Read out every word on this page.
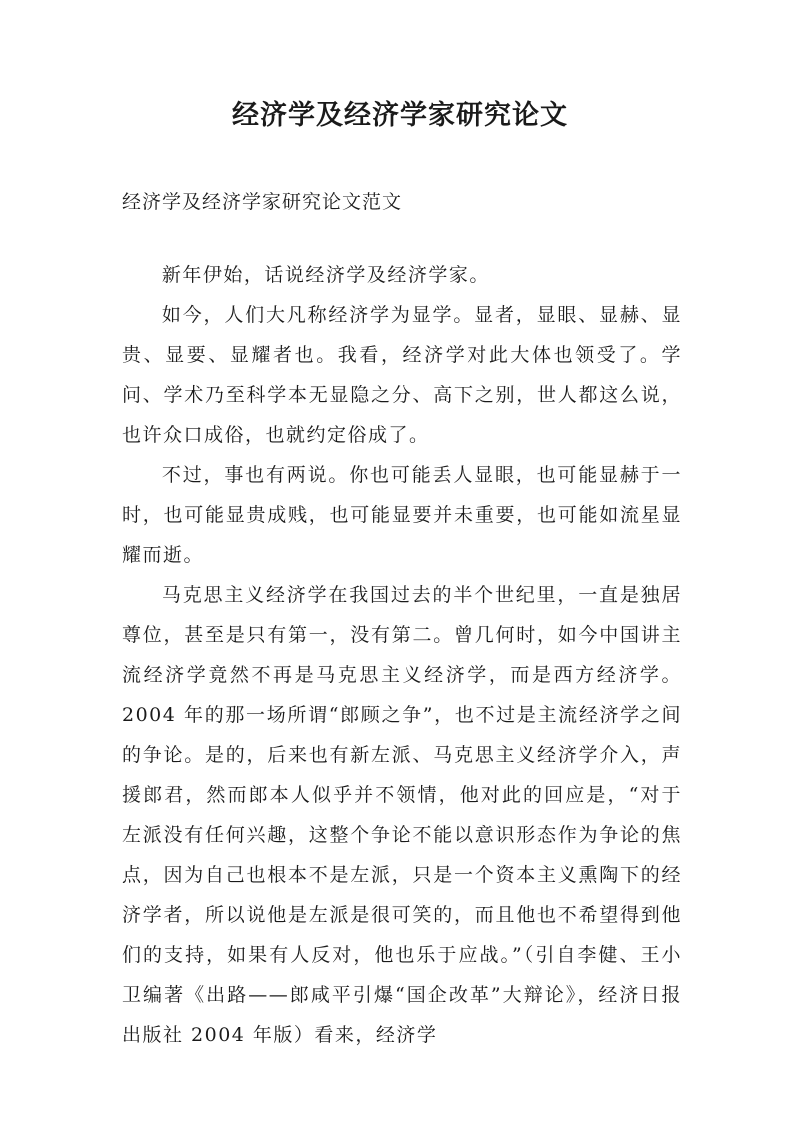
经济学及经济学家研究论文
经济学及经济学家研究论文范文

新年伊始，话说经济学及经济学家。

如今，人们大凡称经济学为显学。显者，显眼、显赫、显贵、显要、显耀者也。我看，经济学对此大体也领受了。学问、学术乃至科学本无显隐之分、高下之别，世人都这么说，也许众口成俗，也就约定俗成了。

不过，事也有两说。你也可能丢人显眼，也可能显赫于一时，也可能显贵成贱，也可能显要并未重要，也可能如流星显耀而逝。

马克思主义经济学在我国过去的半个世纪里，一直是独居尊位，甚至是只有第一，没有第二。曾几何时，如今中国讲主流经济学竟然不再是马克思主义经济学，而是西方经济学。2004 年的那一场所谓“郎顾之争”，也不过是主流经济学之间的争论。是的，后来也有新左派、马克思主义经济学介入，声援郎君，然而郎本人似乎并不领情，他对此的回应是，“对于左派没有任何兴趣，这整个争论不能以意识形态作为争论的焦点，因为自己也根本不是左派，只是一个资本主义熏陶下的经济学者，所以说他是左派是很可笑的，而且他也不希望得到他们的支持，如果有人反对，他也乐于应战。”（引自李健、王小卫编著《出路——郎咸平引爆“国企改革”大辩论》，经济日报出版社 2004 年版）看来，经济学
